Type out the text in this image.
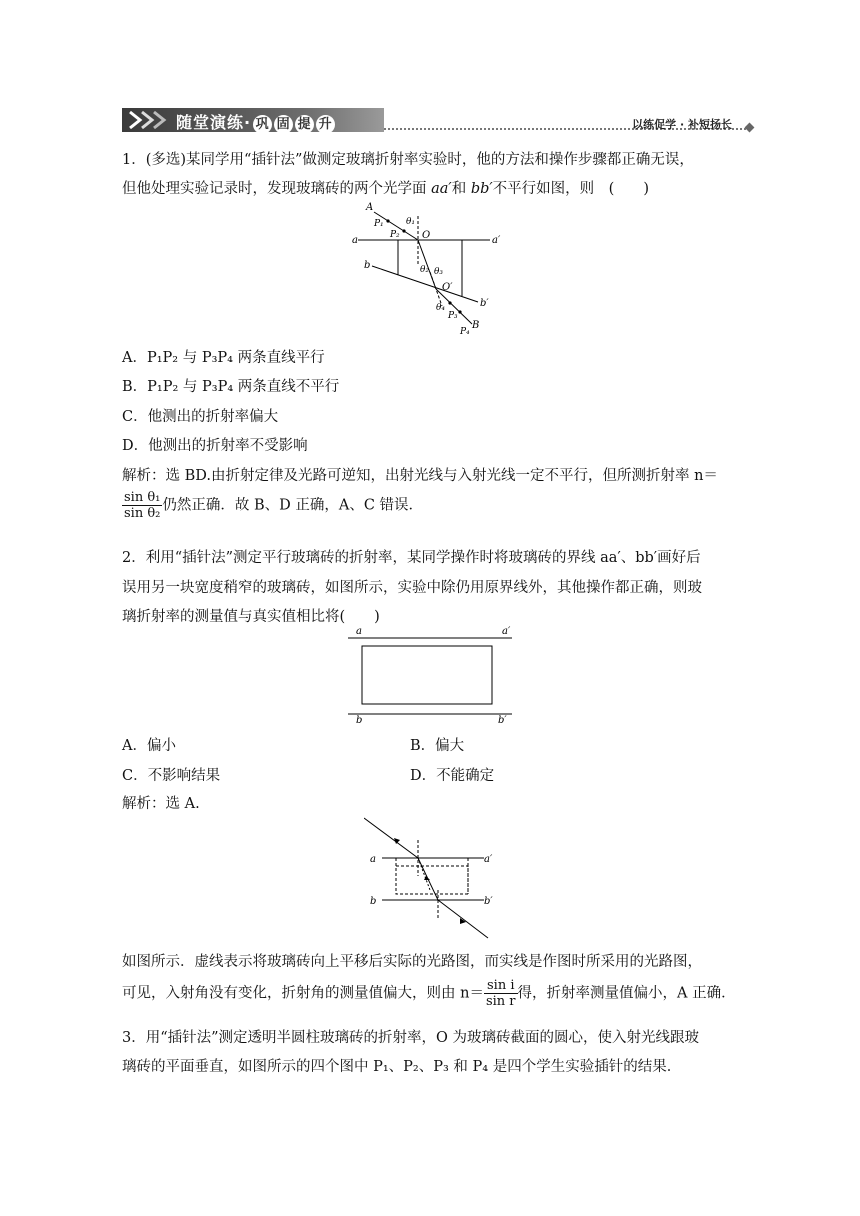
随堂演练· 巩 固 提 升	以练促学 · 补短扬长
1．(多选)某同学用“插针法”做测定玻璃折射率实验时，他的方法和操作步骤都正确无误，
但他处理实验记录时，发现玻璃砖的两个光学面 aa′和 bb′不平行如图，则　(　　)
A
P₁
P₂
θ₁
O
a	a′
b	θ₂ θ₃
O′
b′
θ₄
P₃
B
P₄
A．P₁P₂ 与 P₃P₄ 两条直线平行
B．P₁P₂ 与 P₃P₄ 两条直线不平行
C．他测出的折射率偏大
D．他测出的折射率不受影响
解析：选 BD.由折射定律及光路可逆知，出射光线与入射光线一定不平行，但所测折射率 n＝
$\frac{\text{sin θ₁}}{\text{sin θ₂}}$ 仍然正确．故 B、D 正确，A、C 错误．
2．利用“插针法”测定平行玻璃砖的折射率，某同学操作时将玻璃砖的界线 aa′、bb′画好后
误用另一块宽度稍窄的玻璃砖，如图所示，实验中除仍用原界线外，其他操作都正确，则玻
璃折射率的测量值与真实值相比将(　　)
a	a′
b	b′
A．偏小	B．偏大
C．不影响结果	D．不能确定
解析：选 A.
a	a′
b	b′
如图所示．虚线表示将玻璃砖向上平移后实际的光路图，而实线是作图时所采用的光路图，
可见，入射角没有变化，折射角的测量值偏大，则由 $n= \frac{\text{sin i}}{\text{sin r}}$ 得，折射率测量值偏小，A 正确．
3．用“插针法”测定透明半圆柱玻璃砖的折射率，O 为玻璃砖截面的圆心，使入射光线跟玻
璃砖的平面垂直，如图所示的四个图中 P₁、P₂、P₃ 和 P₄ 是四个学生实验插针的结果．
